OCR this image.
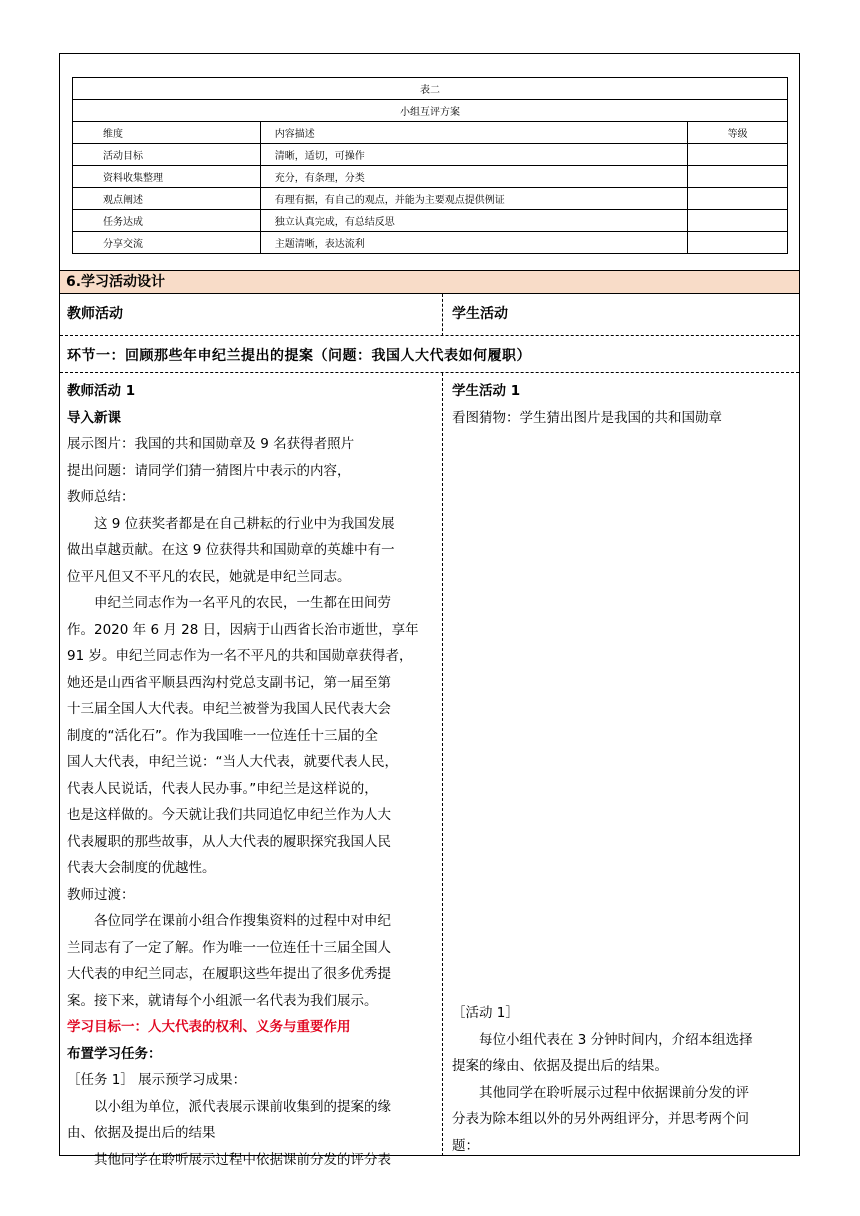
表二		
小组互评方案		
维度	内容描述	等级
活动目标	清晰，适切，可操作	
资料收集整理	充分，有条理，分类	
观点阐述	有理有据，有自己的观点，并能为主要观点提供例证	
任务达成	独立认真完成，有总结反思	
分享交流	主题清晰，表达流利	
6.学习活动设计
教师活动	学生活动
环节一：回顾那些年申纪兰提出的提案（问题：我国人大代表如何履职）
教师活动 1
导入新课
展示图片：我国的共和国勋章及 9 名获得者照片
提出问题：请同学们猜一猜图片中表示的内容，
教师总结：
这 9 位获奖者都是在自己耕耘的行业中为我国发展
做出卓越贡献。在这 9 位获得共和国勋章的英雄中有一
位平凡但又不平凡的农民，她就是申纪兰同志。
申纪兰同志作为一名平凡的农民，一生都在田间劳
作。2020 年 6 月 28 日，因病于山西省长治市逝世，享年
91 岁。申纪兰同志作为一名不平凡的共和国勋章获得者，
她还是山西省平顺县西沟村党总支副书记，第一届至第
十三届全国人大代表。申纪兰被誉为我国人民代表大会
制度的“活化石”。作为我国唯一一位连任十三届的全
国人大代表，申纪兰说：“当人大代表，就要代表人民，
代表人民说话，代表人民办事。”申纪兰是这样说的，
也是这样做的。今天就让我们共同追忆申纪兰作为人大
代表履职的那些故事，从人大代表的履职探究我国人民
代表大会制度的优越性。
教师过渡：
各位同学在课前小组合作搜集资料的过程中对申纪
兰同志有了一定了解。作为唯一一位连任十三届全国人
大代表的申纪兰同志，在履职这些年提出了很多优秀提
案。接下来，就请每个小组派一名代表为我们展示。
学习目标一：人大代表的权利、义务与重要作用
布置学习任务：
［任务 1］ 展示预学习成果：
以小组为单位，派代表展示课前收集到的提案的缘
由、依据及提出后的结果
其他同学在聆听展示过程中依据课前分发的评分表
学生活动 1
看图猜物：学生猜出图片是我国的共和国勋章
［活动 1］
每位小组代表在 3 分钟时间内，介绍本组选择
提案的缘由、依据及提出后的结果。
其他同学在聆听展示过程中依据课前分发的评
分表为除本组以外的另外两组评分，并思考两个问
题：
